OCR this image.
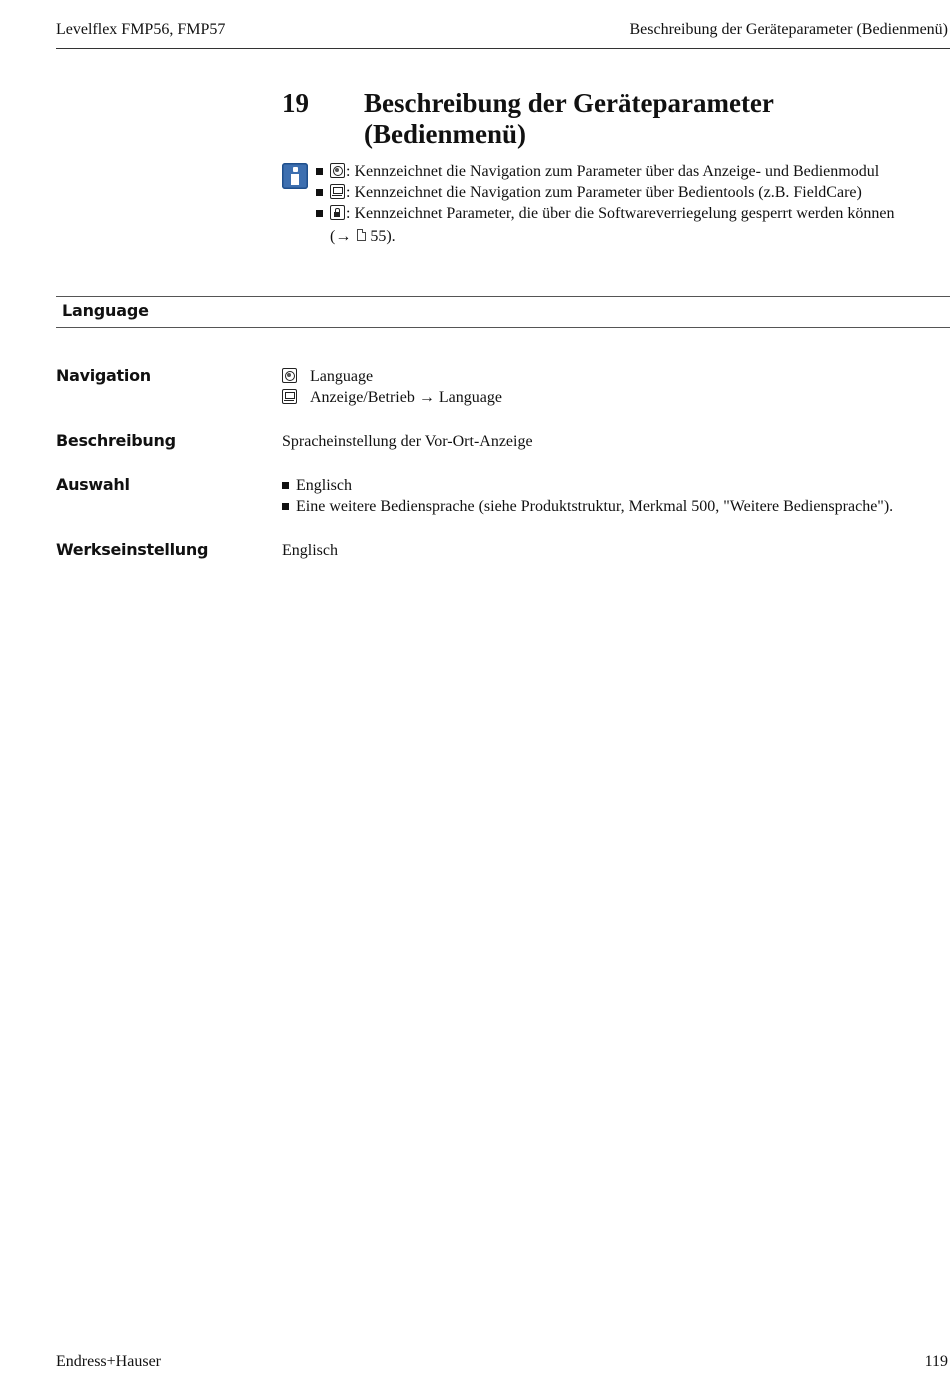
Levelflex FMP56, FMP57	Beschreibung der Geräteparameter (Bedienmenü)
19 Beschreibung der Geräteparameter
(Bedienmenü)
: Kennzeichnet die Navigation zum Parameter über das Anzeige- und Bedienmodul
: Kennzeichnet die Navigation zum Parameter über Bedientools (z.B. FieldCare)
: Kennzeichnet Parameter, die über die Softwareverriegelung gesperrt werden können
(→ 55).
Language
Navigation	Language
Anzeige/Betrieb → Language
Beschreibung	Spracheinstellung der Vor-Ort-Anzeige
Auswahl	Englisch
Eine weitere Bediensprache (siehe Produktstruktur, Merkmal 500, "Weitere Bediensprache").
Werkseinstellung	Englisch
Endress+Hauser	119
